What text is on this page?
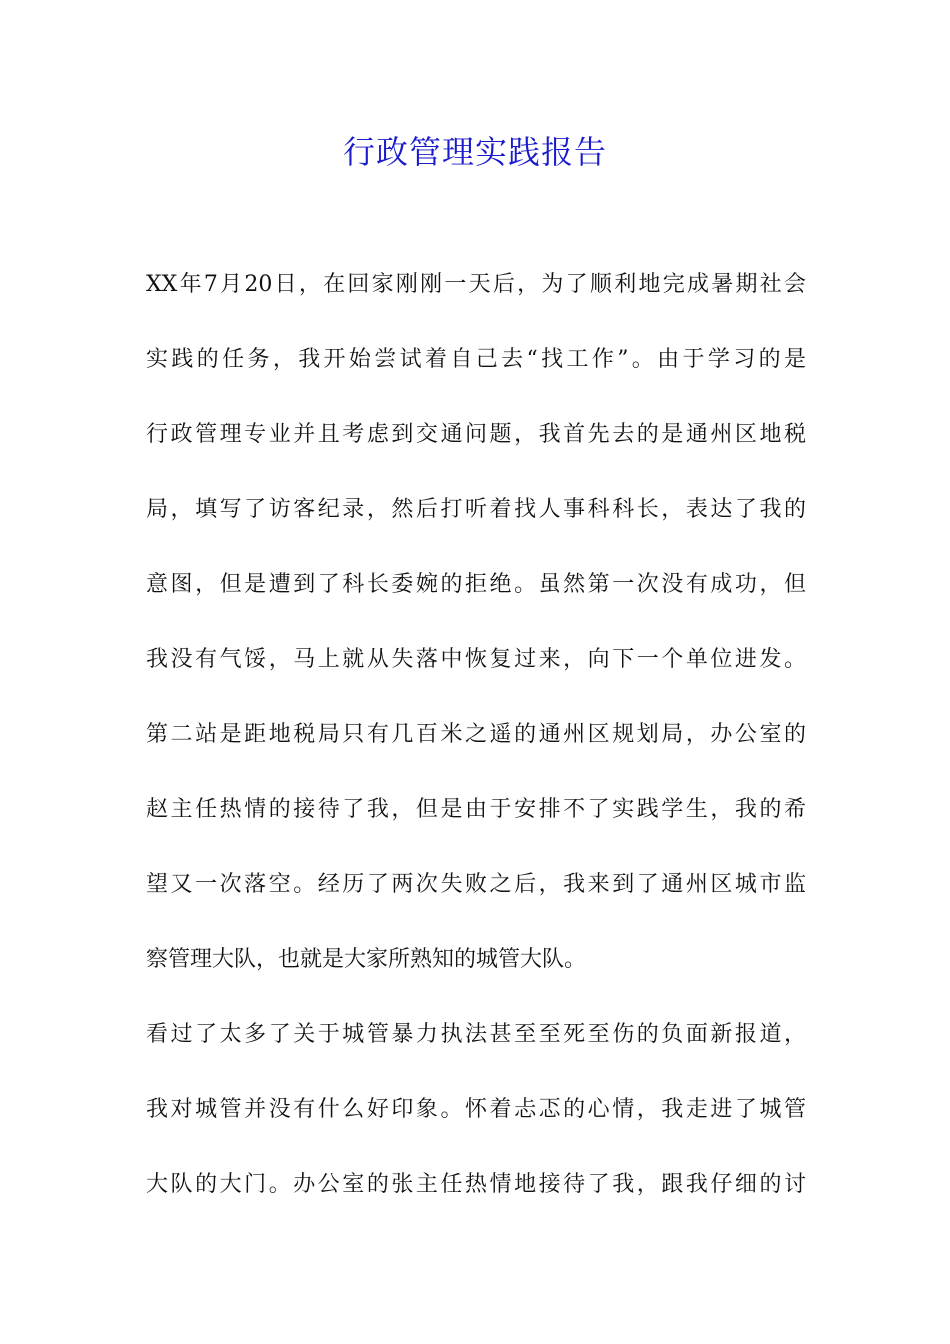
行政管理实践报告

XX年7月20日，在回家刚刚一天后，为了顺利地完成暑期社会

实践的任务，我开始尝试着自己去“找工作”。由于学习的是

行政管理专业并且考虑到交通问题，我首先去的是通州区地税

局，填写了访客纪录，然后打听着找人事科科长，表达了我的

意图，但是遭到了科长委婉的拒绝。虽然第一次没有成功，但

我没有气馁，马上就从失落中恢复过来，向下一个单位进发。

第二站是距地税局只有几百米之遥的通州区规划局，办公室的

赵主任热情的接待了我，但是由于安排不了实践学生，我的希

望又一次落空。经历了两次失败之后，我来到了通州区城市监

察管理大队，也就是大家所熟知的城管大队。

看过了太多了关于城管暴力执法甚至至死至伤的负面新报道，

我对城管并没有什么好印象。怀着忐忑的心情，我走进了城管

大队的大门。办公室的张主任热情地接待了我，跟我仔细的讨
